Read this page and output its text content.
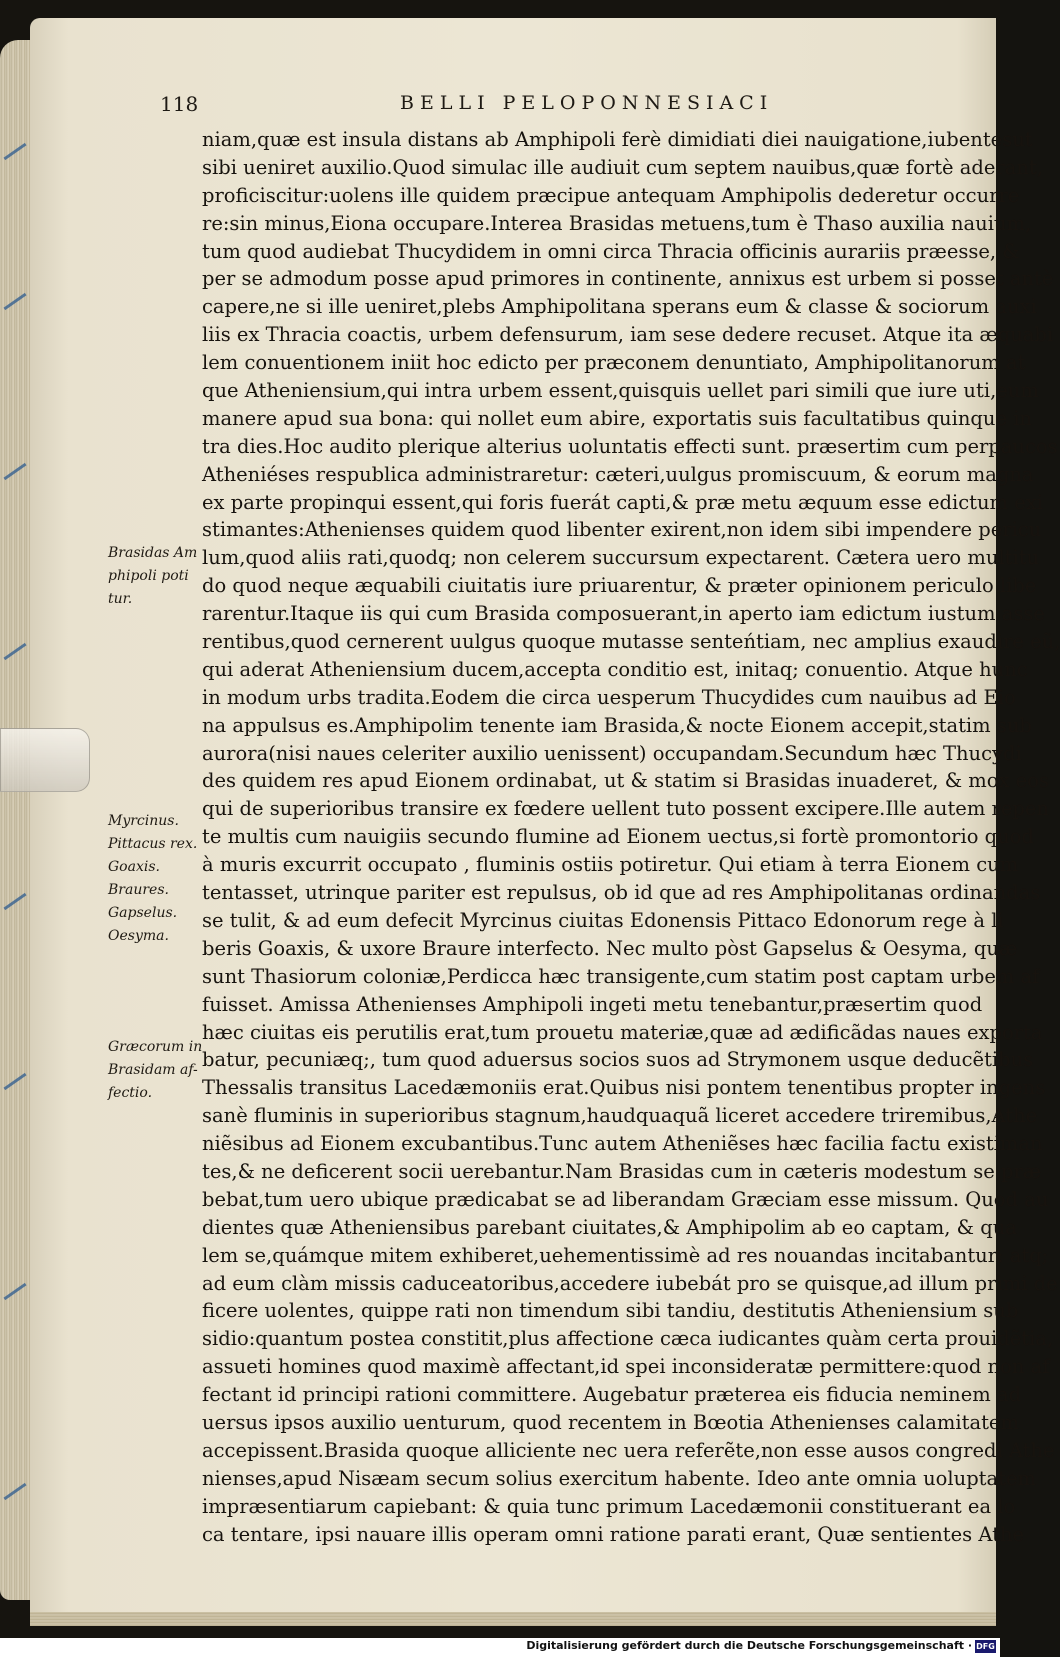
118	BELLI PELOPONNESIACI
niam,quæ est insula distans ab Amphipoli ferè dimidiati diei nauigatione,iubentesut
sibi ueniret auxilio.Quod simulac ille audiuit cum septem nauibus,quæ fortè aderant,
proficiscitur:uolens ille quidem præcipue antequam Amphipolis dederetur occurre
re:sin minus,Eiona occupare.Interea Brasidas metuens,tum è Thaso auxilia nauium,
tum quod audiebat Thucydidem in omni circa Thracia officinis aurariis præesse, &
per se admodum posse apud primores in continente, annixus est urbem si posset antè
capere,ne si ille ueniret,plebs Amphipolitana sperans eum & classe & sociorum auxi
liis ex Thracia coactis, urbem defensurum, iam sese dedere recuset. Atque ita æquabi
lem conuentionem iniit hoc edicto per præconem denuntiato, Amphipolitanorum at
que Atheniensium,qui intra urbem essent,quisquis uellet pari simili que iure uti,eum
manere apud sua bona: qui nollet eum abire, exportatis suis facultatibus quinque in
tra dies.Hoc audito plerique alterius uoluntatis effecti sunt. præsertim cum perpaucos
Atheniéses respublica administraretur: cæteri,uulgus promiscuum, & eorum magna
ex parte propinqui essent,qui foris fuerát capti,& præ metu æquum esse edictum exi
stimantes:Athenienses quidem quod libenter exirent,non idem sibi impendere pericu
lum,quod aliis rati,quodq; non celerem succursum expectarent. Cætera uero multitu
do quod neque æquabili ciuitatis iure priuarentur, & præter opinionem periculo libe
rarentur.Itaque iis qui cum Brasida composuerant,in aperto iam edictum iustum asse
rentibus,quod cernerent uulgus quoque mutasse senteńtiam, nec amplius exaudire eũ,
qui aderat Atheniensium ducem,accepta conditio est, initaq; conuentio. Atque hunc
in modum urbs tradita.Eodem die circa uesperum Thucydides cum nauibus ad Eio
na appulsus es.Amphipolim tenente iam Brasida,& nocte Eionem accepit,statim sub
aurora(nisi naues celeriter auxilio uenissent) occupandam.Secundum hæc Thucydi
des quidem res apud Eionem ordinabat, ut & statim si Brasidas inuaderet, & mox eos
qui de superioribus transire ex fœdere uellent tuto possent excipere.Ille autem repen
te multis cum nauigiis secundo flumine ad Eionem uectus,si fortè promontorio quod
à muris excurrit occupato , fluminis ostiis potiretur. Qui etiam à terra Eionem cum
tentasset, utrinque pariter est repulsus, ob id que ad res Amphipolitanas ordinandas
se tulit, & ad eum defecit Myrcinus ciuitas Edonensis Pittaco Edonorum rege à li
beris Goaxis, & uxore Braure interfecto. Nec multo pòst Gapselus & Oesyma, quæ
sunt Thasiorum coloniæ,Perdicca hæc transigente,cum statim post captam urbem af
fuisset. Amissa Athenienses Amphipoli ingeti metu tenebantur,præsertim quod
hæc ciuitas eis perutilis erat,tum prouetu materiæ,quæ ad ædificãdas naues exporta
batur, pecuniæq;, tum quod aduersus socios suos ad Strymonem usque deducẽtibus
Thessalis transitus Lacedæmoniis erat.Quibus nisi pontem tenentibus propter ingens
sanè fluminis in superioribus stagnum,haudquaquã liceret accedere triremibus,Athe
niẽsibus ad Eionem excubantibus.Tunc autem Atheniẽses hæc facilia factu existiman
tes,& ne deficerent socii uerebantur.Nam Brasidas cum in cæteris modestum se præ
bebat,tum uero ubique prædicabat se ad liberandam Græciam esse missum. Quod au
dientes quæ Atheniensibus parebant ciuitates,& Amphipolim ab eo captam, & qua
lem se,quámque mitem exhiberet,uehementissimè ad res nouandas incitabantur: atq;
ad eum clàm missis caduceatoribus,accedere iubebát pro se quisque,ad illum primi de
ficere uolentes, quippe rati non timendum sibi tandiu, destitutis Atheniensium sub
sidio:quantum postea constitit,plus affectione cæca iudicantes quàm certa prouidẽtia,
assueti homines quod maximè affectant,id spei inconsideratæ permittere:quod non af
fectant id principi rationi committere. Augebatur præterea eis fiducia neminem ad
uersus ipsos auxilio uenturum, quod recentem in Bœotia Athenienses calamitatem
accepissent.Brasida quoque alliciente nec uera referẽte,non esse ausos congredi Athe
nienses,apud Nisæam secum solius exercitum habente. Ideo ante omnia uoluptatem
impræsentiarum capiebant: & quia tunc primum Lacedæmonii constituerant ea lo
ca tentare, ipsi nauare illis operam omni ratione parati erant, Quæ sentientes Athe
Brasidas Am
phipoli poti
tur.
Myrcinus.
Pittacus rex.
Goaxis.
Braures.
Gapselus.
Oesyma.
Græcorum in
Brasidam af-
fectio.
Digitalisierung gefördert durch die Deutsche Forschungsgemeinschaft · DFG
